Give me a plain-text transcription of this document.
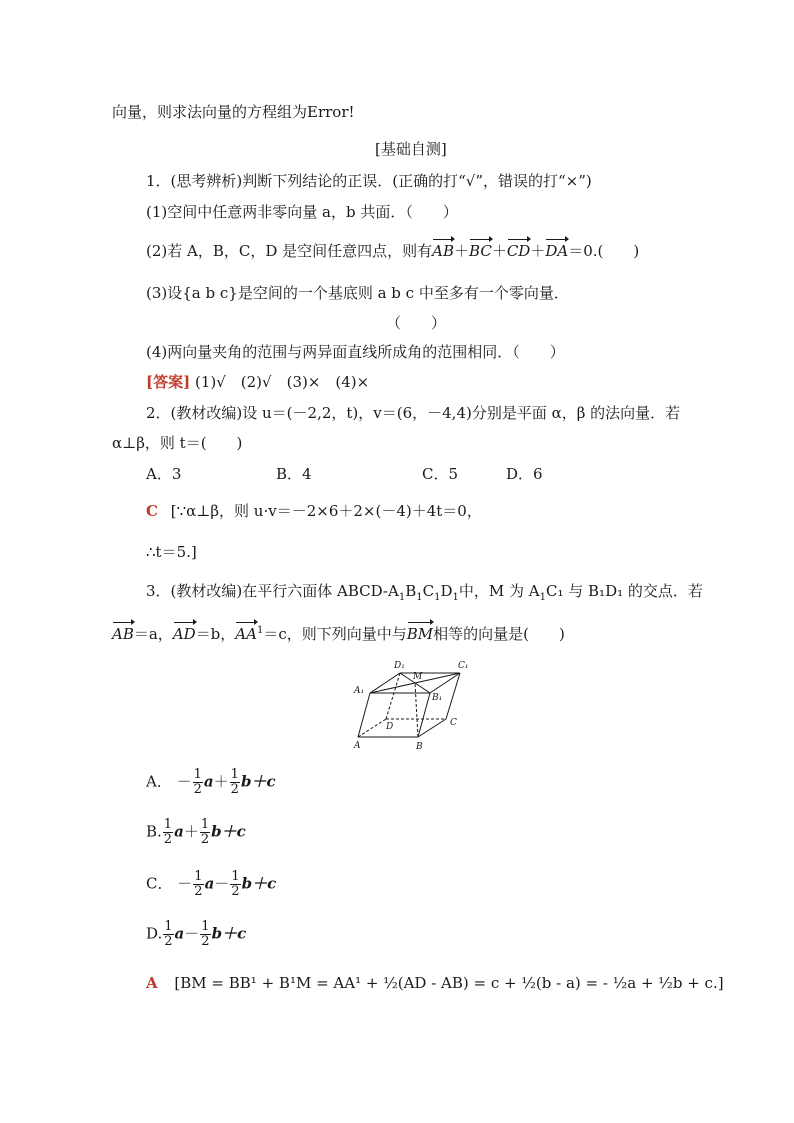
向量，则求法向量的方程组为Error!
[基础自测]
1．(思考辨析)判断下列结论的正误．(正确的打“√”，错误的打“×”)
(1)空间中任意两非零向量 a，b 共面．（　　）
(2)若 A，B，C，D 是空间任意四点，则有AB＋BC＋CD＋DA＝0.(　　)
(3)设{a b c}是空间的一个基底则 a b c 中至多有一个零向量．
（　　）
(4)两向量夹角的范围与两异面直线所成角的范围相同．（　　）
[答案] (1)√　(2)√　(3)×　(4)×
2．(教材改编)设 u＝(－2,2，t)，v＝(6，－4,4)分别是平面 α，β 的法向量．若
α⊥β，则 t＝(　　)
A．3	B．4	C．5	D．6
C [∵α⊥β，则 u·v＝－2×6＋2×(－4)＋4t＝0，
∴t＝5.]
3．(教材改编)在平行六面体 ABCD-$A_1B_1C_1D_1$中，M 为 $A_1C_1$ 与 B₁D₁ 的交点．若
AB＝a，AD＝b，$AA^1=c$，则下列向量中与BM相等的向量是(　　)
D₁
M
C₁
A₁
B₁
D	C
A	B
A． － $\frac{1}{2} a+ \frac{1}{2} b+c$
B. $\frac{1}{2} a+ \frac{1}{2} b+c$
C． － $\frac{1}{2} a- \frac{1}{2} b+c$
D. $\frac{1}{2} a- \frac{1}{2} b+c$
A [BM = BB¹ + B¹M = AA¹ + ½(AD - AB) = c + ½(b - a) = - ½a + ½b + c.]
